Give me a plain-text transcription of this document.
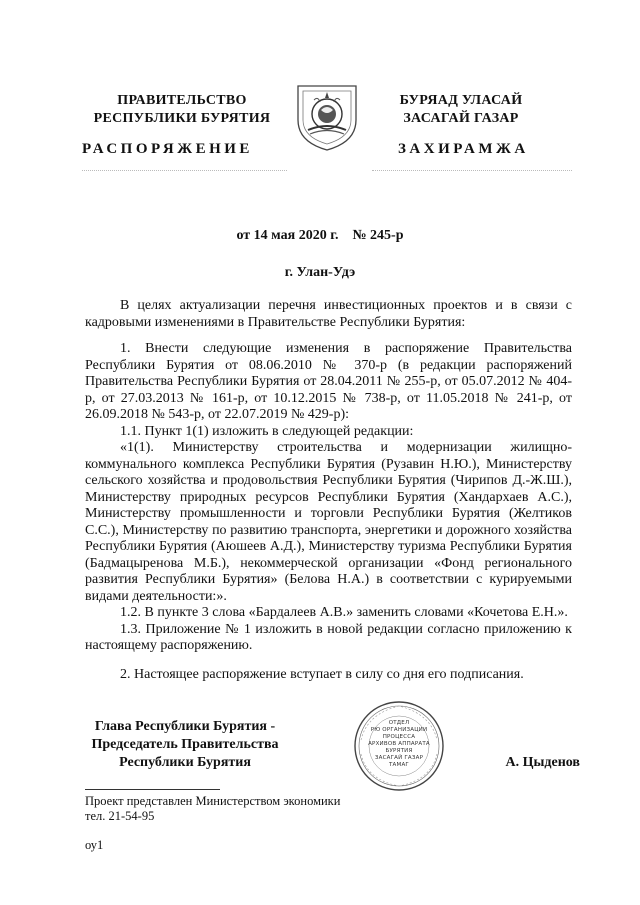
ПРАВИТЕЛЬСТВО
РЕСПУБЛИКИ БУРЯТИЯ
БУРЯАД УЛАСАЙ
ЗАСАГАЙ ГАЗАР
РАСПОРЯЖЕНИЕ	ЗАХИРАМЖА
от 14 мая 2020 г.    № 245-р
г. Улан-Удэ

В целях актуализации перечня инвестиционных проектов и в связи с кадровыми изменениями в Правительстве Республики Бурятия:

1. Внести следующие изменения в распоряжение Правительства Республики Бурятия от 08.06.2010 № 370-р (в редакции распоряжений Правительства Республики Бурятия от 28.04.2011 № 255-р, от 05.07.2012 № 404-р, от 27.03.2013 № 161-р, от 10.12.2015 № 738-р, от 11.05.2018 № 241-р, от 26.09.2018 № 543-р, от 22.07.2019 № 429-р):

1.1. Пункт 1(1) изложить в следующей редакции:

«1(1). Министерству строительства и модернизации жилищно-коммунального комплекса Республики Бурятия (Рузавин Н.Ю.), Министерству сельского хозяйства и продовольствия Республики Бурятия (Чирипов Д.-Ж.Ш.), Министерству природных ресурсов Республики Бурятия (Хандархаев А.С.), Министерству промышленности и торговли Республики Бурятия (Желтиков С.С.), Министерству по развитию транспорта, энергетики и дорожного хозяйства Республики Бурятия (Аюшеев А.Д.), Министерству туризма Республики Бурятия (Бадмацыренова М.Б.), некоммерческой организации «Фонд регионального развития Республики Бурятия» (Белова Н.А.) в соответствии с курируемыми видами деятельности:».

1.2. В пункте 3 слова «Бардалеев А.В.» заменить словами «Кочетова Е.Н.».

1.3. Приложение № 1 изложить в новой редакции согласно приложению к настоящему распоряжению.

2. Настоящее распоряжение вступает в силу со дня его подписания.

Глава Республики Бурятия -
Председатель Правительства
Республики Бурятия
ОТДЕЛ
РЮ ОРГАНИЗАЦИИ
ПРОЦЕССА
АРХИВОВ АППАРАТА
БУРЯТИЯ
ЗАСАГАЙ ГАЗАР
ТАМАГ	А. Цыденов
Проект представлен Министерством экономики
тел. 21-54-95
оу1
